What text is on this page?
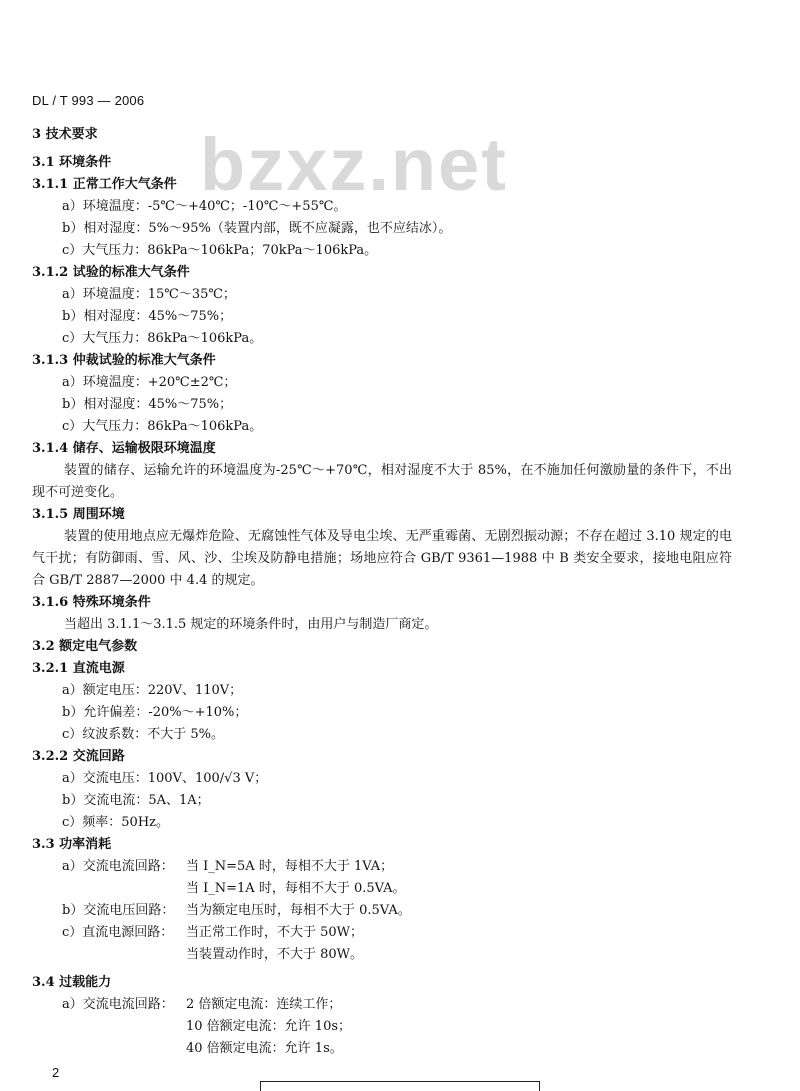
DL / T 993 — 2006
bzxz.net

3 技术要求

3.1 环境条件

3.1.1 正常工作大气条件

a）环境温度：-5℃～+40℃；-10℃～+55℃。

b）相对湿度：5%～95%（装置内部，既不应凝露，也不应结冰）。

c）大气压力：86kPa～106kPa；70kPa～106kPa。

3.1.2 试验的标准大气条件

a）环境温度：15℃～35℃；

b）相对湿度：45%～75%；

c）大气压力：86kPa～106kPa。

3.1.3 仲裁试验的标准大气条件

a）环境温度：+20℃±2℃；

b）相对湿度：45%～75%；

c）大气压力：86kPa～106kPa。

3.1.4 储存、运输极限环境温度

装置的储存、运输允许的环境温度为-25℃～+70℃，相对湿度不大于 85%，在不施加任何激励量的条件下，不出现不可逆变化。

3.1.5 周围环境

装置的使用地点应无爆炸危险、无腐蚀性气体及导电尘埃、无严重霉菌、无剧烈振动源；不存在超过 3.10 规定的电气干扰；有防御雨、雪、风、沙、尘埃及防静电措施；场地应符合 GB/T 9361—1988 中 B 类安全要求，接地电阻应符合 GB/T 2887—2000 中 4.4 的规定。

3.1.6 特殊环境条件

当超出 3.1.1～3.1.5 规定的环境条件时，由用户与制造厂商定。

3.2 额定电气参数

3.2.1 直流电源

a）额定电压：220V、110V；

b）允许偏差：-20%～+10%；

c）纹波系数：不大于 5%。

3.2.2 交流回路

a）交流电压：100V、100/√3 V；

b）交流电流：5A、1A；

c）频率：50Hz。

3.3 功率消耗

a）交流电流回路： 当 I_N=5A 时，每相不大于 1VA；

当 I_N=1A 时，每相不大于 0.5VA。

b）交流电压回路： 当为额定电压时，每相不大于 0.5VA。

c）直流电源回路： 当正常工作时，不大于 50W；

当装置动作时，不大于 80W。

3.4 过载能力

a）交流电流回路： 2 倍额定电流：连续工作；

10 倍额定电流：允许 10s；

40 倍额定电流：允许 1s。

2
